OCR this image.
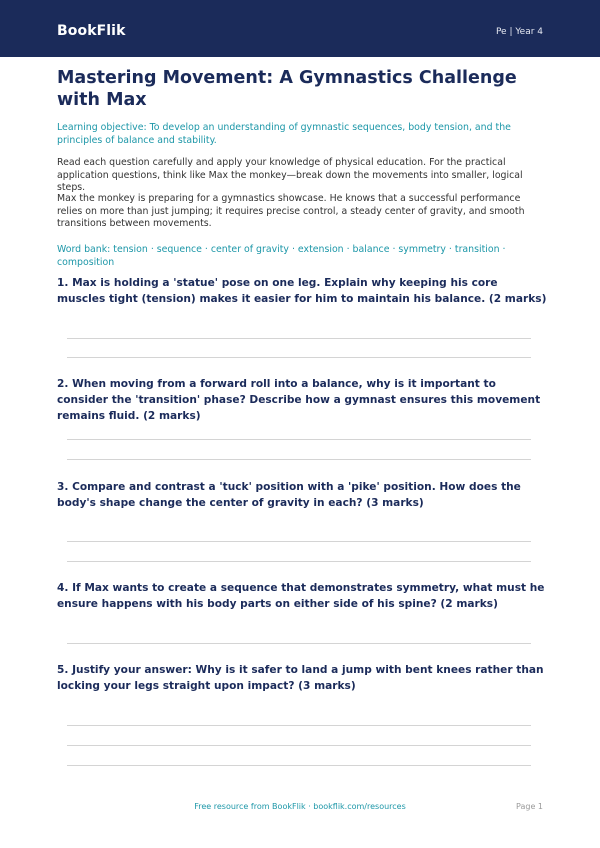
BookFlik	Pe | Year 4
Mastering Movement: A Gymnastics Challenge with Max
Learning objective: To develop an understanding of gymnastic sequences, body tension, and the principles of balance and stability.
Read each question carefully and apply your knowledge of physical education. For the practical application questions, think like Max the monkey—break down the movements into smaller, logical steps.
Max the monkey is preparing for a gymnastics showcase. He knows that a successful performance relies on more than just jumping; it requires precise control, a steady center of gravity, and smooth transitions between movements.
Word bank: tension · sequence · center of gravity · extension · balance · symmetry · transition · composition
1. Max is holding a 'statue' pose on one leg. Explain why keeping his core muscles tight (tension) makes it easier for him to maintain his balance. (2 marks)
2. When moving from a forward roll into a balance, why is it important to consider the 'transition' phase? Describe how a gymnast ensures this movement remains fluid. (2 marks)
3. Compare and contrast a 'tuck' position with a 'pike' position. How does the body's shape change the center of gravity in each? (3 marks)
4. If Max wants to create a sequence that demonstrates symmetry, what must he ensure happens with his body parts on either side of his spine? (2 marks)
5. Justify your answer: Why is it safer to land a jump with bent knees rather than locking your legs straight upon impact? (3 marks)
Free resource from BookFlik · bookflik.com/resources	Page 1
